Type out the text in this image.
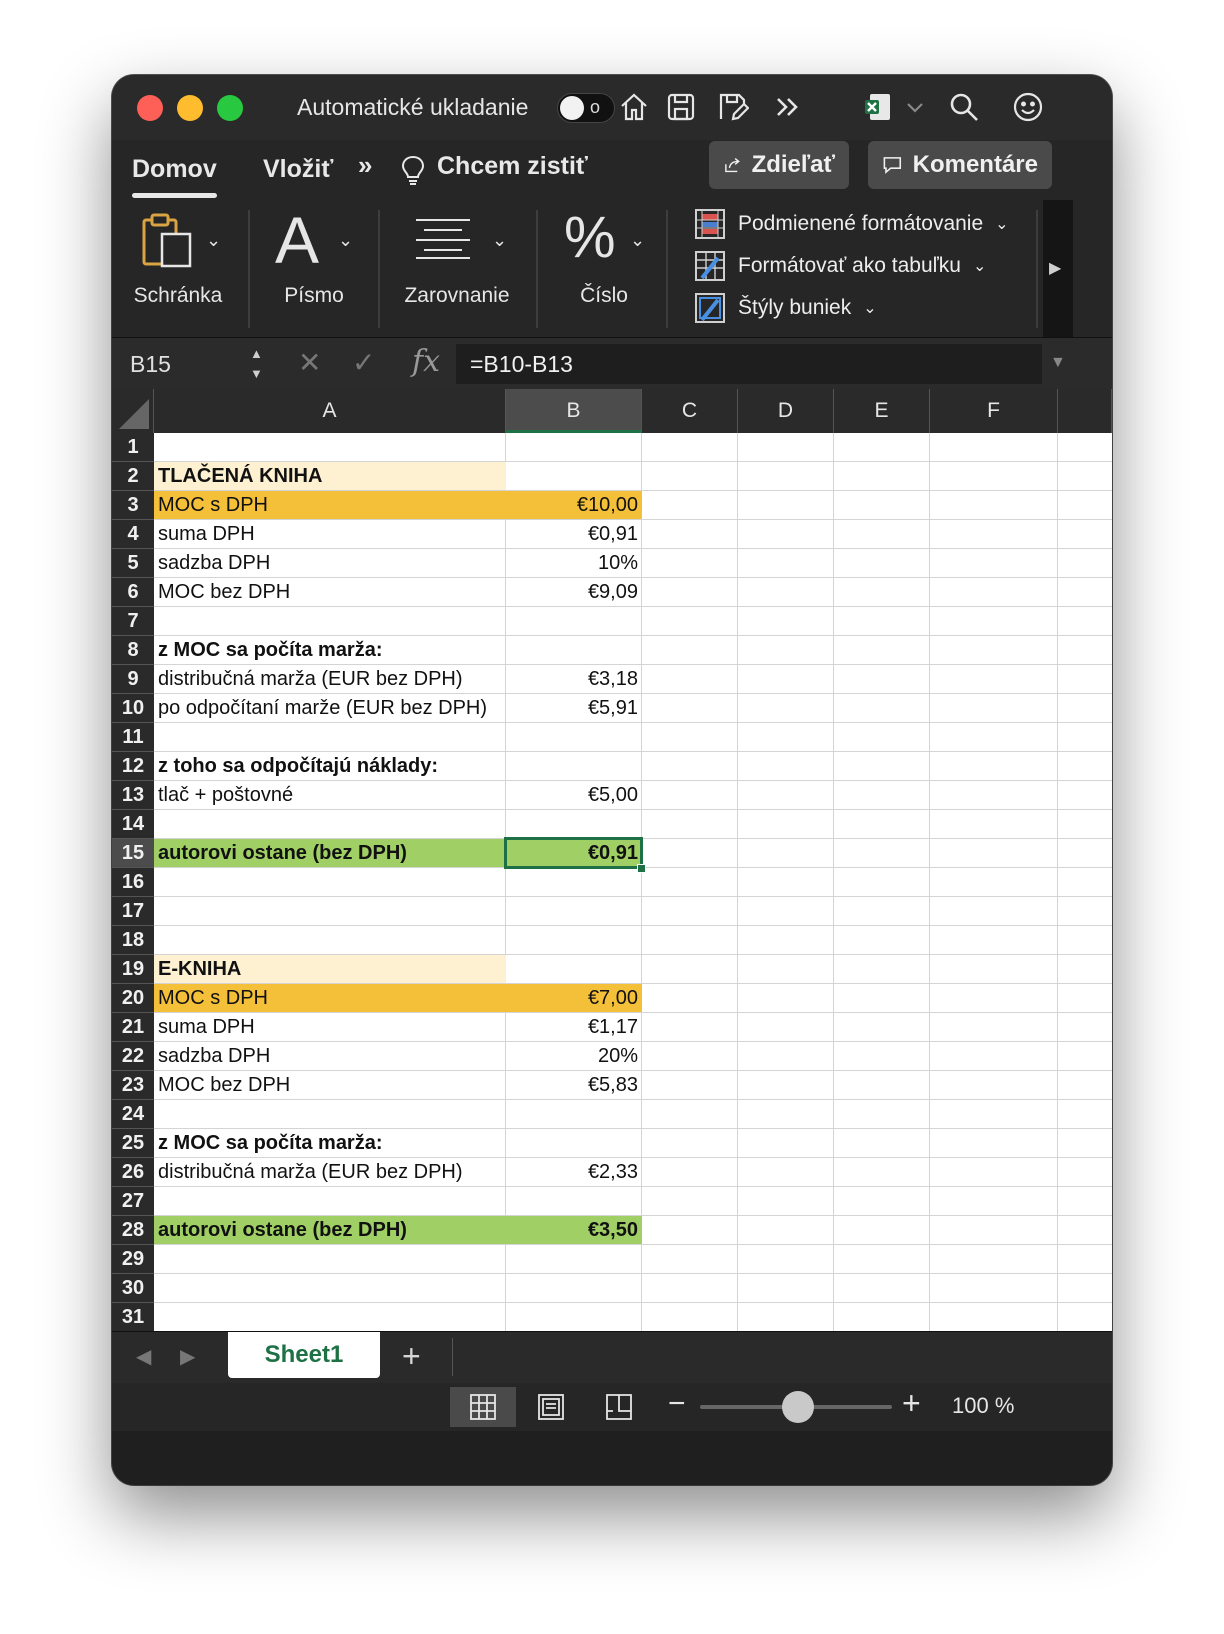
Automatické ukladanie	o
Domov Vložiť »	Chcem zistiť	Zdieľať	Komentáre
⌄
Schránka
A ⌄
Písmo
⌄
Zarovnanie
% ⌄
Číslo
Podmienené formátovanie ⌄
Formátovať ako tabuľku ⌄
Štýly buniek ⌄
▶
B15	▲
▼ ✕ ✓ fx	=B10-B13	▼
A	B	C	D	E	F
1
2 TLAČENÁ KNIHA
3 MOC s DPH	€10,00
4 suma DPH	€0,91
5 sadzba DPH	10%
6 MOC bez DPH	€9,09
7
8 z MOC sa počíta marža:
9 distribučná marža (EUR bez DPH)	€3,18
10 po odpočítaní marže (EUR bez DPH)	€5,91
11
12 z toho sa odpočítajú náklady:
13 tlač + poštovné	€5,00
14
15 autorovi ostane (bez DPH)	€0,91
16
17
18
19 E-KNIHA
20 MOC s DPH	€7,00
21 suma DPH	€1,17
22 sadzba DPH	20%
23 MOC bez DPH	€5,83
24
25 z MOC sa počíta marža:
26 distribučná marža (EUR bez DPH)	€2,33
27
28 autorovi ostane (bez DPH)	€3,50
29
30
31
◀ ▶	Sheet1	+
−	+ 100 %
